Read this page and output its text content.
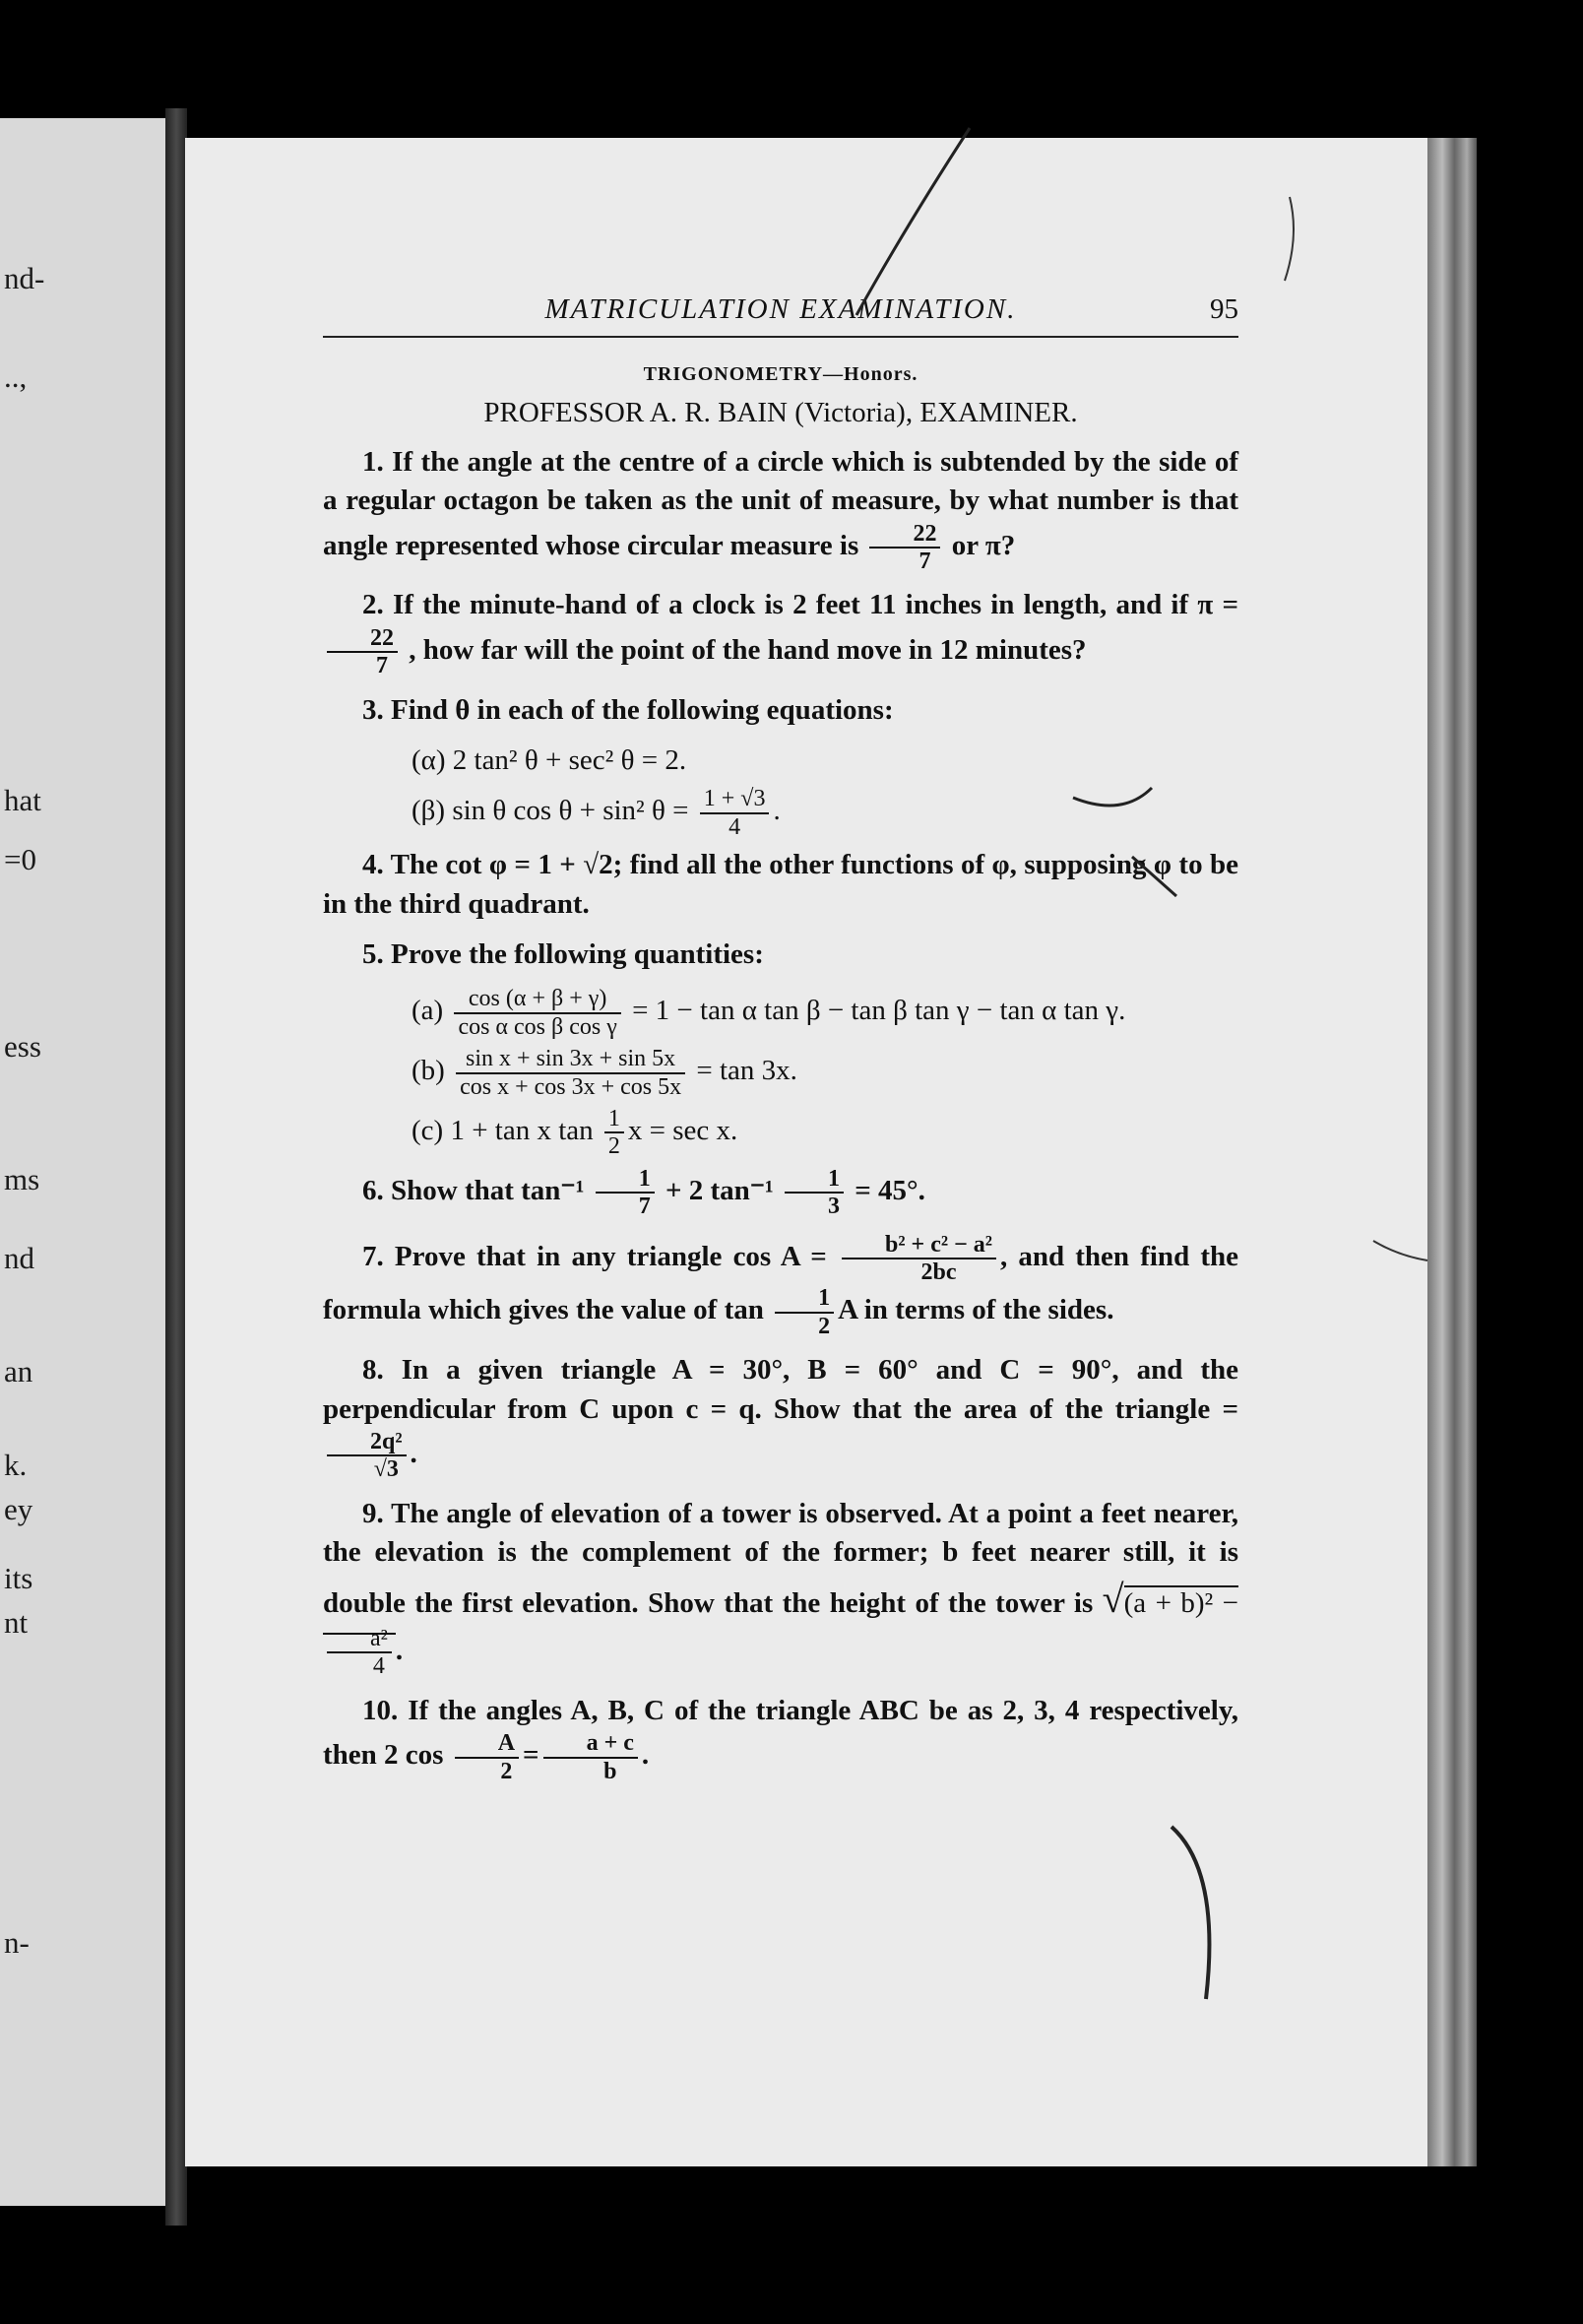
nd-
..,
hat
=0
ess
ms
nd
an
k.
ey
its
nt
n-
MATRICULATION EXAMINATION.	95
TRIGONOMETRY—Honors.
PROFESSOR A. R. BAIN (Victoria), EXAMINER.
1. If the angle at the centre of a circle which is subtended by the side of a regular octagon be taken as the unit of measure, by what number is that angle represented whose circular measure is $\frac{22}{7}$ or π?
2. If the minute-hand of a clock is 2 feet 11 inches in length, and if π =
$\frac{22}{7}$ , how far will the point of the hand move in 12 minutes?
3. Find θ in each of the following equations:
(α) 2 tan² θ + sec² θ = 2.
(β) sin θ cos θ + sin² $\theta = \frac{1 + √3}{4}$ .
4. The cot φ = 1 + √2; find all the other functions of φ, supposing φ to be in the third quadrant.
5. Prove the following quantities:
$(a) \frac{\cos (\alpha + \beta + \gamma)}{\text{cos α cos β cos γ}} = 1 - \tan \alpha$ tan β − tan β tan γ − tan α tan γ.
$(b) \frac{\text{sin x + sin 3x + sin 5x}}{\text{cos x + cos 3x + cos 5x}} = \tan 3x$.
(c) 1 + tan x $\tan \frac{1}{2}$ x = sec x.
6. Show that $\tan^{-1} \frac{1}{7} + 2$ $\tan^{-1} \frac{1}{3} = 45^\circ$.
7. Prove that in any triangle $\cos A = \frac{\text{b² + c² − a²}}{2bc}$ , and then find the formula which gives the value of $\tan \frac{1}{2}$ A in terms of the sides.
8. In a given triangle A = 30°, B = 60° and C = 90°, and the perpendicular from C upon c = q. Show that the area of the triangle =
$\frac{\text{2q²}}{√3}$ .
9. The angle of elevation of a tower is observed. At a point a feet nearer, the elevation is the complement of the former; b feet nearer still, it is double the first elevation. Show that the height of the tower is √(a + b)² −
$\frac{\text{a²}}{4}$ .
10. If the angles A, B, C of the triangle ABC be as 2, 3, 4 respectively, then 2 $\cos \frac{A}{2} = \frac{a + c}{b}$ .
